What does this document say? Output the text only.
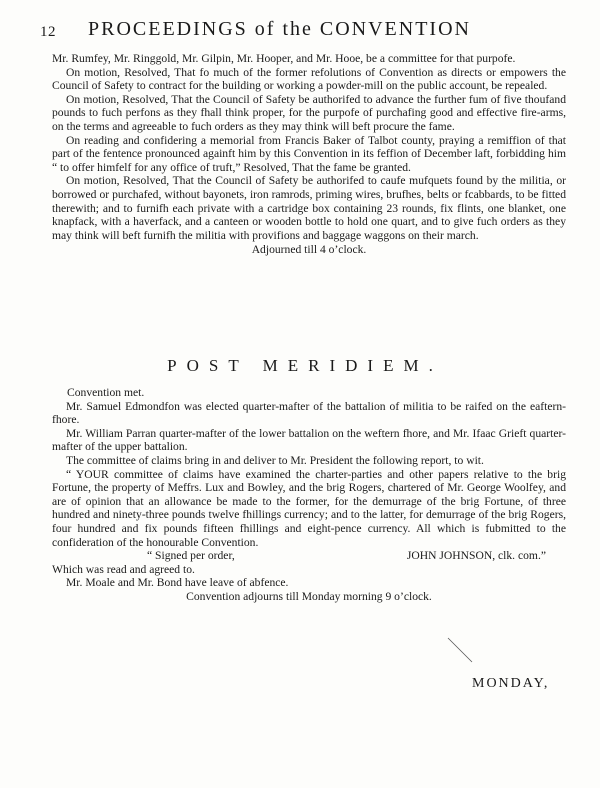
12 PROCEEDINGS of the CONVENTION

Mr. Rumfey, Mr. Ringgold, Mr. Gilpin, Mr. Hooper, and Mr. Hooe, be a committee for that purpofe.

On motion, Resolved, That fo much of the former refolutions of Convention as directs or empowers the Council of Safety to contract for the building or working a powder-mill on the public account, be repealed.

On motion, Resolved, That the Council of Safety be authorifed to advance the further fum of five thoufand pounds to fuch perfons as they fhall think proper, for the purpofe of purchafing good and effective fire-arms, on the terms and agreeable to fuch orders as they may think will beft procure the fame.

On reading and confidering a memorial from Francis Baker of Talbot county, praying a remiffion of that part of the fentence pronounced againft him by this Convention in its feffion of December laft, forbidding him “ to offer himfelf for any office of truft,” Resolved, That the fame be granted.

On motion, Resolved, That the Council of Safety be authorifed to caufe mufquets found by the militia, or borrowed or purchafed, without bayonets, iron ramrods, priming wires, brufhes, belts or fcabbards, to be fitted therewith; and to furnifh each private with a cartridge box containing 23 rounds, fix flints, one blanket, one knapfack, with a haverfack, and a canteen or wooden bottle to hold one quart, and to give fuch orders as they may think will beft furnifh the militia with provifions and baggage waggons on their march.

Adjourned till 4 o’clock.

POST MERIDIEM.

Convention met.

Mr. Samuel Edmondfon was elected quarter-mafter of the battalion of militia to be raifed on the eaftern-fhore.

Mr. William Parran quarter-mafter of the lower battalion on the weftern fhore, and Mr. Ifaac Grieft quarter-mafter of the upper battalion.

The committee of claims bring in and deliver to Mr. President the following report, to wit.

“ YOUR committee of claims have examined the charter-parties and other papers relative to the brig Fortune, the property of Meffrs. Lux and Bowley, and the brig Rogers, chartered of Mr. George Woolfey, and are of opinion that an allowance be made to the former, for the demurrage of the brig Fortune, of three hundred and ninety-three pounds twelve fhillings currency; and to the latter, for demurrage of the brig Rogers, four hundred and fix pounds fifteen fhillings and eight-pence currency. All which is fubmitted to the confideration of the honourable Convention.

“ Signed per order,	JOHN JOHNSON, clk. com.”

Which was read and agreed to.

Mr. Moale and Mr. Bond have leave of abfence.

Convention adjourns till Monday morning 9 o’clock.

MONDAY,
